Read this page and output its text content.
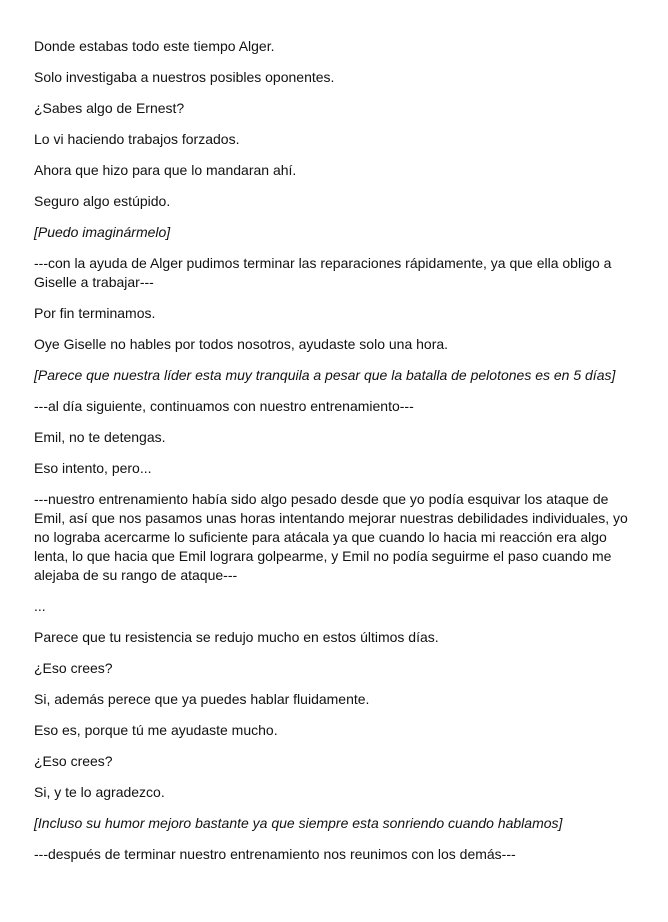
Donde estabas todo este tiempo Alger.

Solo investigaba a nuestros posibles oponentes.

¿Sabes algo de Ernest?

Lo vi haciendo trabajos forzados.

Ahora que hizo para que lo mandaran ahí.

Seguro algo estúpido.

[Puedo imaginármelo]

---con la ayuda de Alger pudimos terminar las reparaciones rápidamente, ya que ella obligo a Giselle a trabajar---

Por fin terminamos.

Oye Giselle no hables por todos nosotros, ayudaste solo una hora.

[Parece que nuestra líder esta muy tranquila a pesar que la batalla de pelotones es en 5 días]

---al día siguiente, continuamos con nuestro entrenamiento---

Emil, no te detengas.

Eso intento, pero...

---nuestro entrenamiento había sido algo pesado desde que yo podía esquivar los ataque de Emil, así que nos pasamos unas horas intentando mejorar nuestras debilidades individuales, yo no lograba acercarme lo suficiente para atácala ya que cuando lo hacia mi reacción era algo lenta, lo que hacia que Emil lograra golpearme, y Emil no podía seguirme el paso cuando me alejaba de su rango de ataque---

...

Parece que tu resistencia se redujo mucho en estos últimos días.

¿Eso crees?

Si, además perece que ya puedes hablar fluidamente.

Eso es, porque tú me ayudaste mucho.

¿Eso crees?

Si, y te lo agradezco.

[Incluso su humor mejoro bastante ya que siempre esta sonriendo cuando hablamos]

---después de terminar nuestro entrenamiento nos reunimos con los demás---
